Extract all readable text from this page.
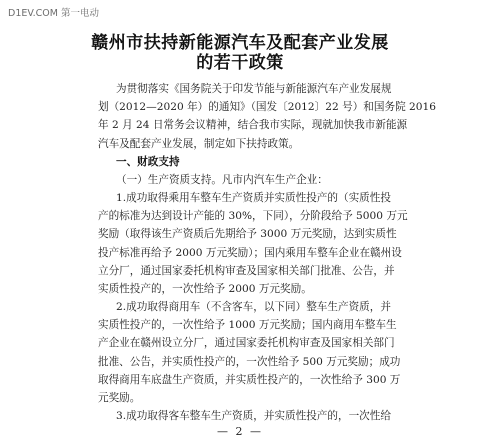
D1EV.COM 第一电动
赣州市扶持新能源汽车及配套产业发展
的若干政策
为贯彻落实《国务院关于印发节能与新能源汽车产业发展规
划（2012—2020 年）的通知》（国发〔2012〕22 号）和国务院 2016
年 2 月 24 日常务会议精神，结合我市实际，现就加快我市新能源
汽车及配套产业发展，制定如下扶持政策。
一、财政支持
（一）生产资质支持。凡市内汽车生产企业：
1.成功取得乘用车整车生产资质并实质性投产的（实质性投
产的标准为达到设计产能的 30%，下同），分阶段给予 5000 万元
奖励（取得该生产资质后先期给予 3000 万元奖励，达到实质性
投产标准再给予 2000 万元奖励）；国内乘用车整车企业在赣州设
立分厂，通过国家委托机构审查及国家相关部门批准、公告，并
实质性投产的，一次性给予 2000 万元奖励。
2.成功取得商用车（不含客车，以下同）整车生产资质，并
实质性投产的，一次性给予 1000 万元奖励；国内商用车整车生
产企业在赣州设立分厂，通过国家委托机构审查及国家相关部门
批准、公告，并实质性投产的，一次性给予 500 万元奖励；成功
取得商用车底盘生产资质，并实质性投产的，一次性给予 300 万
元奖励。
— 2 —
3.成功取得客车整车生产资质，并实质性投产的，一次性给
